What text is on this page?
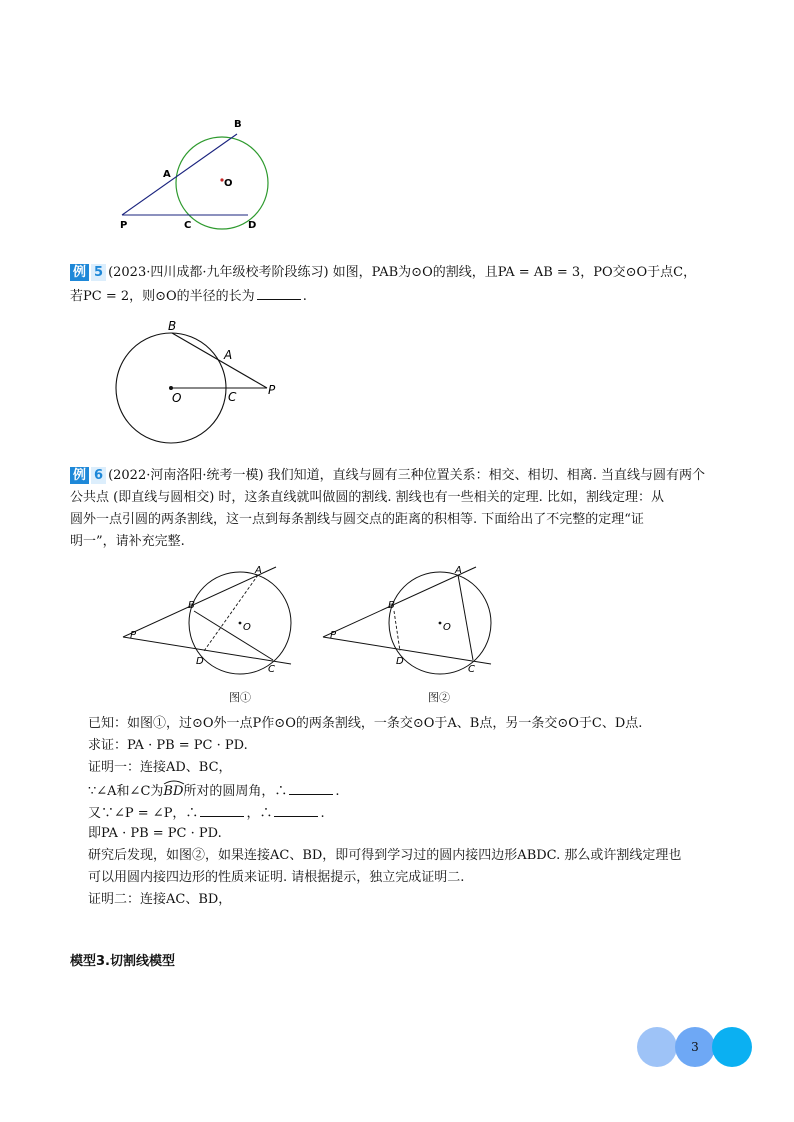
B
A
O
P	C	D
例 5 (2023·四川成都·九年级校考阶段练习) 如图，PAB为⊙O的割线，且PA = AB = 3，PO交⊙O于点C，
若PC = 2，则⊙O的半径的长为	.
B
A
O	C	P
例 6 (2022·河南洛阳·统考一模) 我们知道，直线与圆有三种位置关系：相交、相切、相离. 当直线与圆有两个
公共点 (即直线与圆相交) 时，这条直线就叫做圆的割线. 割线也有一些相关的定理. 比如，割线定理：从
圆外一点引圆的两条割线，这一点到每条割线与圆交点的距离的积相等. 下面给出了不完整的定理“证
明一”，请补充完整.
A
B
O
P
D
C
图①
A
B
O
P
D
C
图②
已知：如图①，过⊙O外一点P作⊙O的两条割线，一条交⊙O于A、B点，另一条交⊙O于C、D点.
求证：PA · PB = PC · PD.
证明一：连接AD、BC，
∵∠A和∠C为
BD所对的圆周角，∴	.
又∵∠P = ∠P，∴	，∴	.
即PA · PB = PC · PD.
研究后发现，如图②，如果连接AC、BD，即可得到学习过的圆内接四边形ABDC. 那么或许割线定理也
可以用圆内接四边形的性质来证明. 请根据提示，独立完成证明二.
证明二：连接AC、BD，
模型3.切割线模型
3
